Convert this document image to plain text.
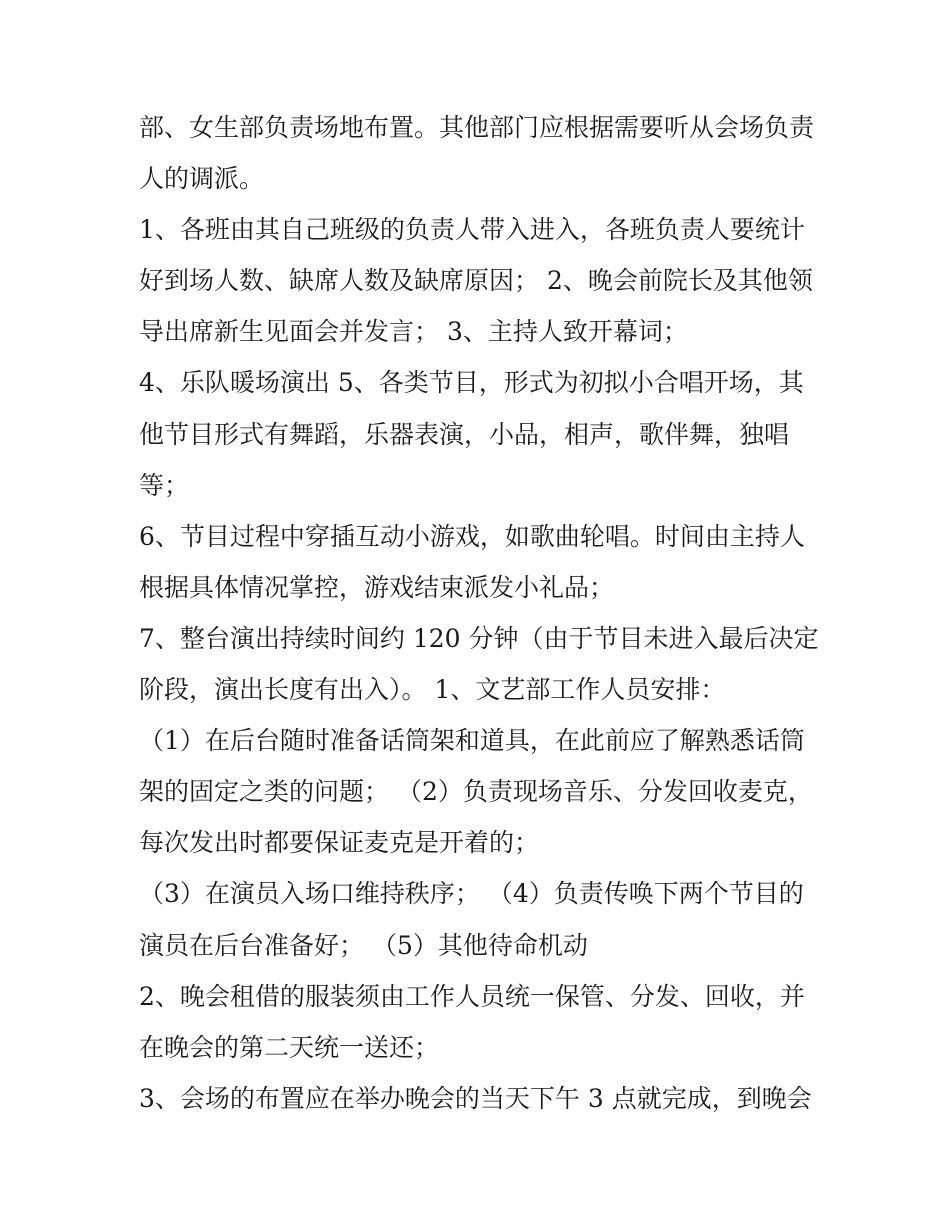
部、女生部负责场地布置。其他部门应根据需要听从会场负责
人的调派。
1、各班由其自己班级的负责人带入进入，各班负责人要统计
好到场人数、缺席人数及缺席原因； 2、晚会前院长及其他领
导出席新生见面会并发言； 3、主持人致开幕词；
4、乐队暖场演出 5、各类节目，形式为初拟小合唱开场，其
他节目形式有舞蹈，乐器表演，小品，相声，歌伴舞，独唱
等；
6、节目过程中穿插互动小游戏，如歌曲轮唱。时间由主持人
根据具体情况掌控，游戏结束派发小礼品；
7、整台演出持续时间约 120 分钟（由于节目未进入最后决定
阶段，演出长度有出入）。 1、文艺部工作人员安排：
（1）在后台随时准备话筒架和道具，在此前应了解熟悉话筒
架的固定之类的问题； （2）负责现场音乐、分发回收麦克，
每次发出时都要保证麦克是开着的；
（3）在演员入场口维持秩序； （4）负责传唤下两个节目的
演员在后台准备好； （5）其他待命机动
2、晚会租借的服装须由工作人员统一保管、分发、回收，并
在晚会的第二天统一送还；
3、会场的布置应在举办晚会的当天下午 3 点就完成，到晚会
